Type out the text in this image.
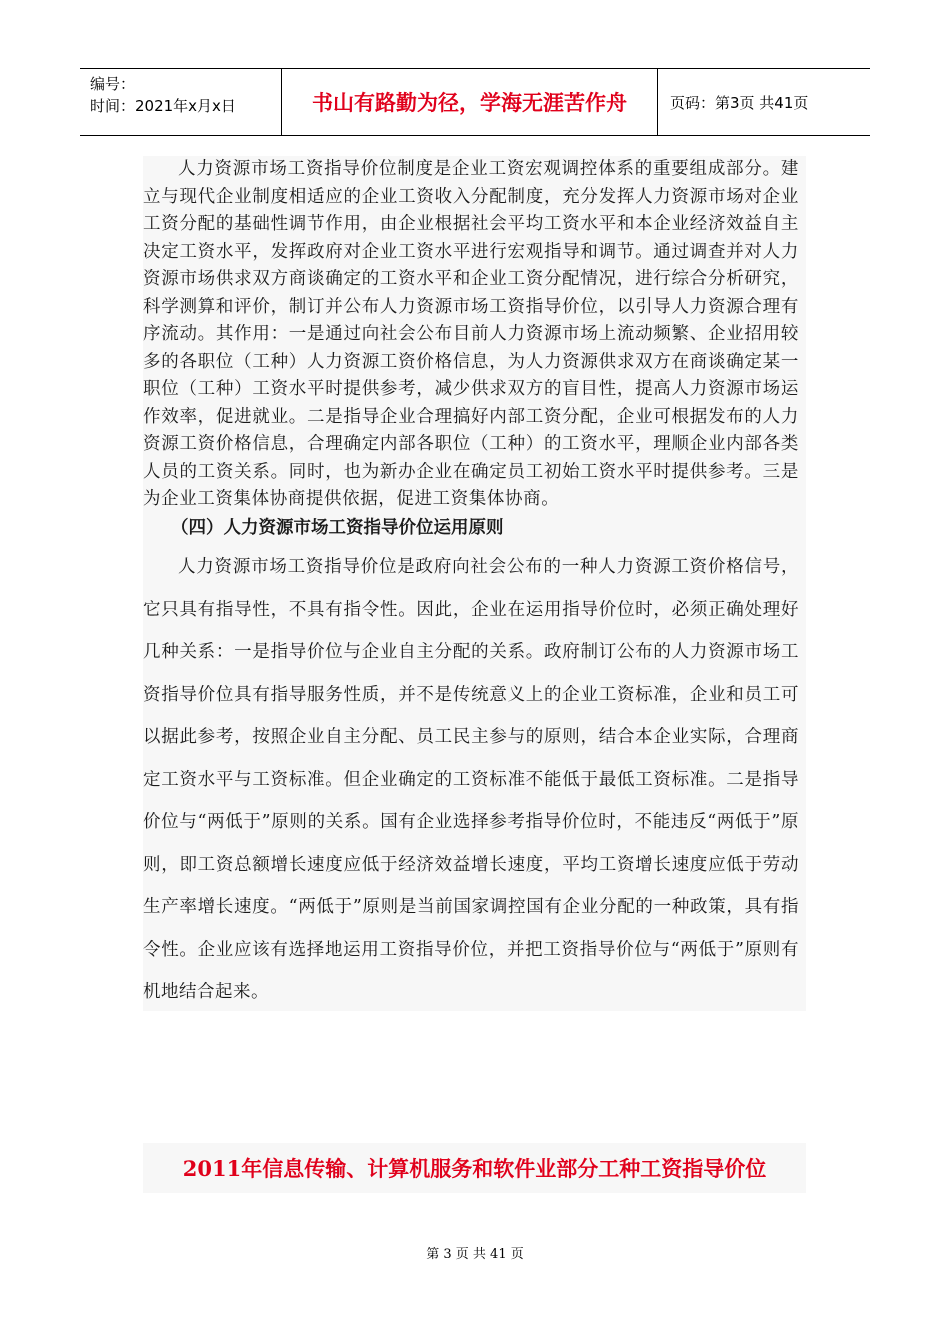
编号：
时间：2021年x月x日	书山有路勤为径，学海无涯苦作舟	页码：第3页 共41页

人力资源市场工资指导价位制度是企业工资宏观调控体系的重要组成部分。建立与现代企业制度相适应的企业工资收入分配制度，充分发挥人力资源市场对企业工资分配的基础性调节作用，由企业根据社会平均工资水平和本企业经济效益自主决定工资水平，发挥政府对企业工资水平进行宏观指导和调节。通过调查并对人力资源市场供求双方商谈确定的工资水平和企业工资分配情况，进行综合分析研究，科学测算和评价，制订并公布人力资源市场工资指导价位，以引导人力资源合理有序流动。其作用：一是通过向社会公布目前人力资源市场上流动频繁、企业招用较多的各职位（工种）人力资源工资价格信息，为人力资源供求双方在商谈确定某一职位（工种）工资水平时提供参考，减少供求双方的盲目性，提高人力资源市场运作效率，促进就业。二是指导企业合理搞好内部工资分配，企业可根据发布的人力资源工资价格信息，合理确定内部各职位（工种）的工资水平，理顺企业内部各类人员的工资关系。同时，也为新办企业在确定员工初始工资水平时提供参考。三是为企业工资集体协商提供依据，促进工资集体协商。

（四）人力资源市场工资指导价位运用原则

人力资源市场工资指导价位是政府向社会公布的一种人力资源工资价格信号，它只具有指导性，不具有指令性。因此，企业在运用指导价位时，必须正确处理好几种关系：一是指导价位与企业自主分配的关系。政府制订公布的人力资源市场工资指导价位具有指导服务性质，并不是传统意义上的企业工资标准，企业和员工可以据此参考，按照企业自主分配、员工民主参与的原则，结合本企业实际，合理商定工资水平与工资标准。但企业确定的工资标准不能低于最低工资标准。二是指导价位与“两低于”原则的关系。国有企业选择参考指导价位时，不能违反“两低于”原则，即工资总额增长速度应低于经济效益增长速度，平均工资增长速度应低于劳动生产率增长速度。“两低于”原则是当前国家调控国有企业分配的一种政策，具有指令性。企业应该有选择地运用工资指导价位，并把工资指导价位与“两低于”原则有机地结合起来。

2011年信息传输、计算机服务和软件业部分工种工资指导价位
第 3 页 共 41 页
